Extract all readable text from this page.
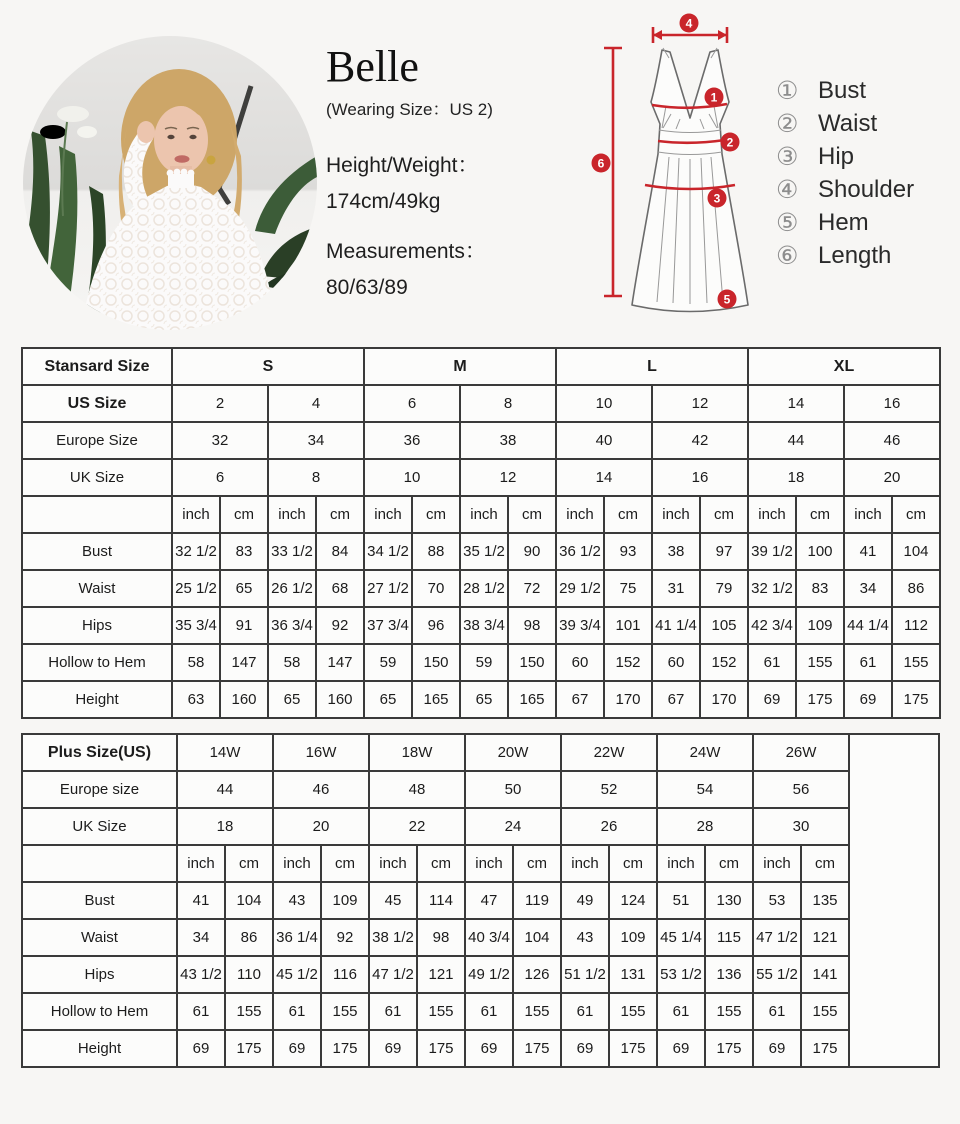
Belle
(Wearing Size：US 2)
Height/Weight：
174cm/49kg
Measurements：
80/63/89
4
1
2
3
5
6
① Bust
② Waist
③ Hip
④ Shoulder
⑤ Hem
⑥ Length
Stansard Size	S				M				L				XL			
US Size	2		4		6		8		10		12		14		16	
Europe Size	32		34		36		38		40		42		44		46	
UK Size	6		8		10		12		14		16		18		20	
	inch	cm	inch	cm	inch	cm	inch	cm	inch	cm	inch	cm	inch	cm	inch	cm
Bust	32 1/2	83	33 1/2	84	34 1/2	88	35 1/2	90	36 1/2	93	38	97	39 1/2	100	41	104
Waist	25 1/2	65	26 1/2	68	27 1/2	70	28 1/2	72	29 1/2	75	31	79	32 1/2	83	34	86
Hips	35 3/4	91	36 3/4	92	37 3/4	96	38 3/4	98	39 3/4	101	41 1/4	105	42 3/4	109	44 1/4	112
Hollow to Hem	58	147	58	147	59	150	59	150	60	152	60	152	61	155	61	155
Height	63	160	65	160	65	165	65	165	67	170	67	170	69	175	69	175
Plus Size(US)	14W		16W		18W		20W		22W		24W		26W		
Europe size	44		46		48		50		52		54		56		
UK Size	18		20		22		24		26		28		30		
	inch	cm	inch	cm	inch	cm	inch	cm	inch	cm	inch	cm	inch	cm	
Bust	41	104	43	109	45	114	47	119	49	124	51	130	53	135	
Waist	34	86	36 1/4	92	38 1/2	98	40 3/4	104	43	109	45 1/4	115	47 1/2	121	
Hips	43 1/2	110	45 1/2	116	47 1/2	121	49 1/2	126	51 1/2	131	53 1/2	136	55 1/2	141	
Hollow to Hem	61	155	61	155	61	155	61	155	61	155	61	155	61	155	
Height	69	175	69	175	69	175	69	175	69	175	69	175	69	175	
